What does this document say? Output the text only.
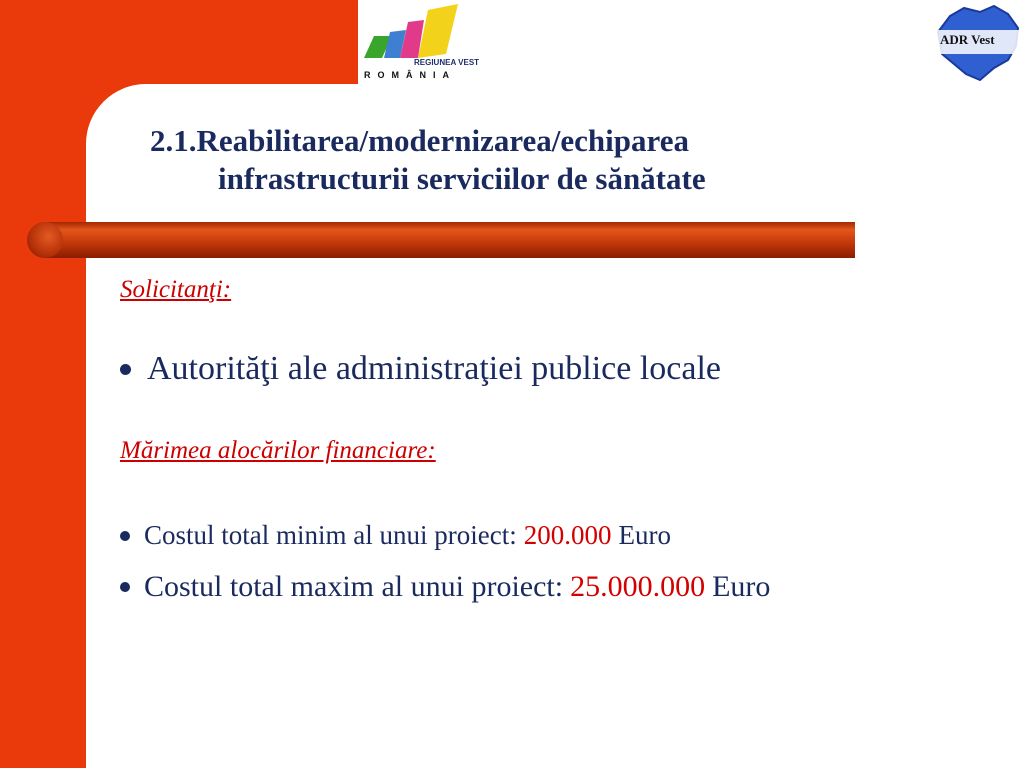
REGIUNEA VEST
ROMÂNIA
ADR Vest
2.1.Reabilitarea/modernizarea/echiparea
infrastructurii serviciilor de sănătate
Solicitanţi:
Autorităţi ale administraţiei publice locale
Mărimea alocărilor financiare:
Costul total minim al unui proiect: 200.000 Euro
Costul total maxim al unui proiect: 25.000.000 Euro
